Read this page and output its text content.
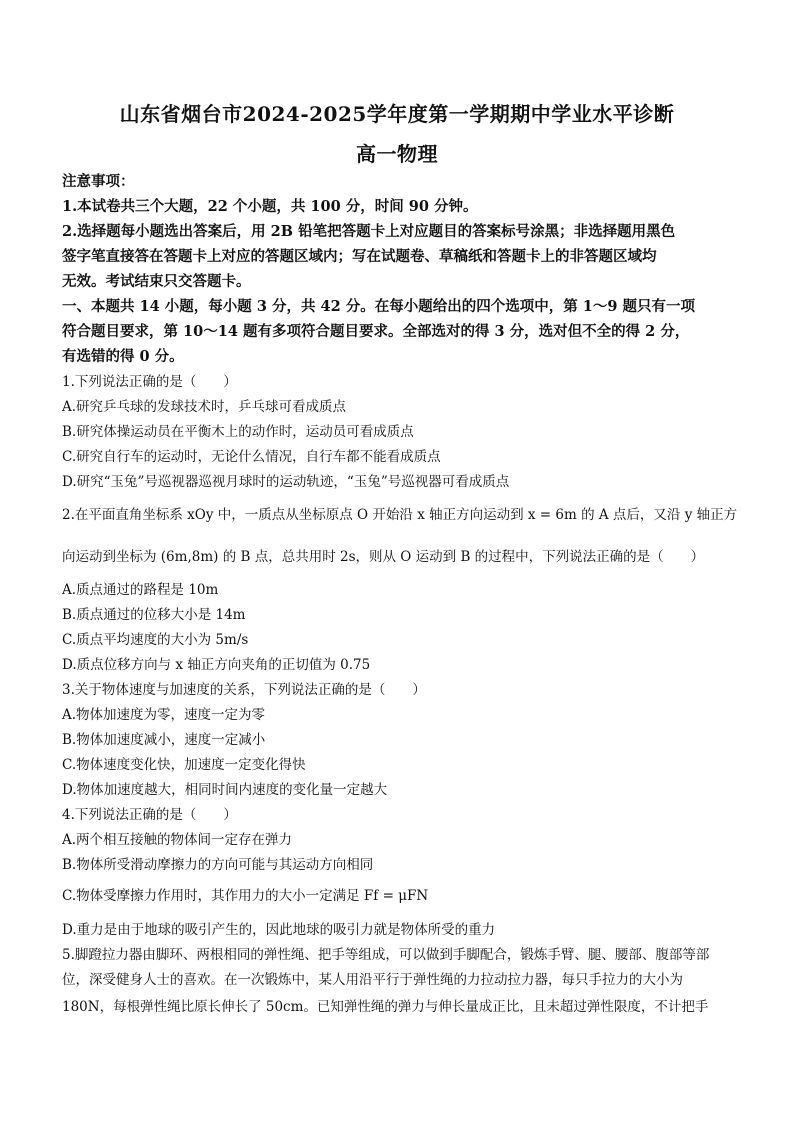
山东省烟台市2024-2025学年度第一学期期中学业水平诊断
高一物理
注意事项：
1.本试卷共三个大题，22 个小题，共 100 分，时间 90 分钟。
2.选择题每小题选出答案后，用 2B 铅笔把答题卡上对应题目的答案标号涂黑；非选择题用黑色
签字笔直接答在答题卡上对应的答题区域内；写在试题卷、草稿纸和答题卡上的非答题区域均
无效。考试结束只交答题卡。
一、本题共 14 小题，每小题 3 分，共 42 分。在每小题给出的四个选项中，第 1～9 题只有一项
符合题目要求，第 10～14 题有多项符合题目要求。全部选对的得 3 分，选对但不全的得 2 分，
有选错的得 0 分。
1.下列说法正确的是（　　）
A.研究乒乓球的发球技术时，乒乓球可看成质点
B.研究体操运动员在平衡木上的动作时，运动员可看成质点
C.研究自行车的运动时，无论什么情况，自行车都不能看成质点
D.研究“玉兔”号巡视器巡视月球时的运动轨迹，“玉兔”号巡视器可看成质点
2.在平面直角坐标系 xOy 中，一质点从坐标原点 O 开始沿 x 轴正方向运动到 x = 6m 的 A 点后，又沿 y 轴正方
向运动到坐标为 (6m,8m) 的 B 点，总共用时 2s，则从 O 运动到 B 的过程中，下列说法正确的是（　　）
A.质点通过的路程是 10m
B.质点通过的位移大小是 14m
C.质点平均速度的大小为 5m/s
D.质点位移方向与 x 轴正方向夹角的正切值为 0.75
3.关于物体速度与加速度的关系，下列说法正确的是（　　）
A.物体加速度为零，速度一定为零
B.物体加速度减小，速度一定减小
C.物体速度变化快，加速度一定变化得快
D.物体加速度越大，相同时间内速度的变化量一定越大
4.下列说法正确的是（　　）
A.两个相互接触的物体间一定存在弹力
B.物体所受滑动摩擦力的方向可能与其运动方向相同
C.物体受摩擦力作用时，其作用力的大小一定满足 Ff = μFN
D.重力是由于地球的吸引产生的，因此地球的吸引力就是物体所受的重力
5.脚蹬拉力器由脚环、两根相同的弹性绳、把手等组成，可以做到手脚配合，锻炼手臂、腿、腰部、腹部等部
位，深受健身人士的喜欢。在一次锻炼中，某人用沿平行于弹性绳的力拉动拉力器，每只手拉力的大小为
180N，每根弹性绳比原长伸长了 50cm。已知弹性绳的弹力与伸长量成正比，且未超过弹性限度，不计把手
